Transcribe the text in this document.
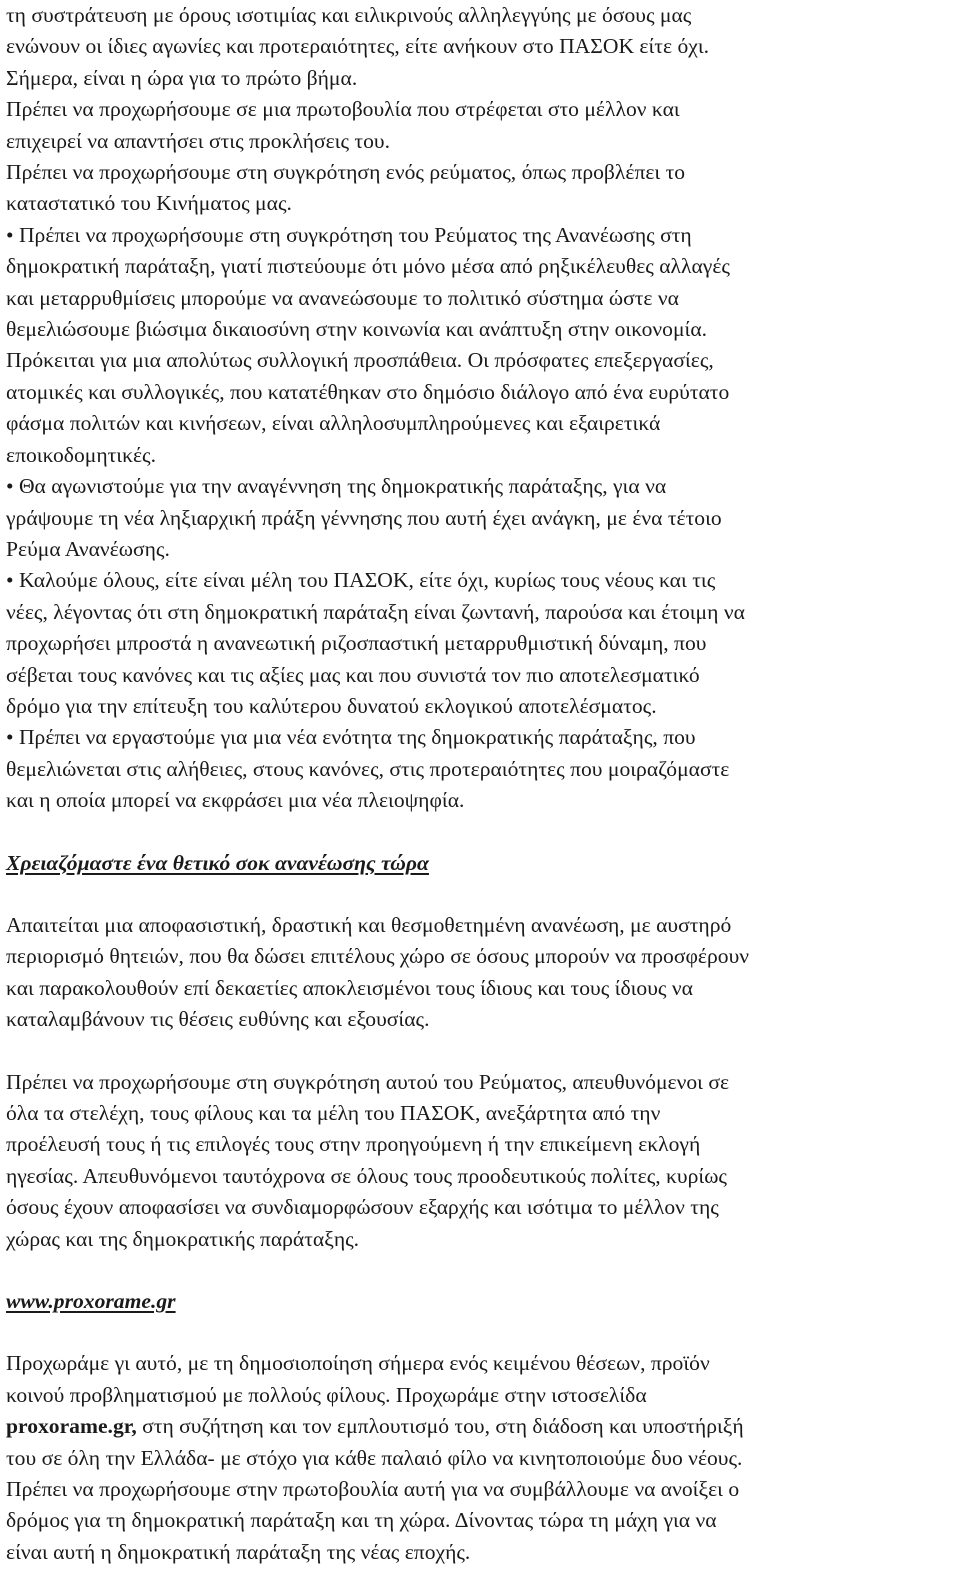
τη συστράτευση με όρους ισοτιμίας και ειλικρινούς αλληλεγγύης με όσους μας
ενώνουν οι ίδιες αγωνίες και προτεραιότητες, είτε ανήκουν στο ΠΑΣΟΚ είτε όχι.
Σήμερα, είναι η ώρα για το πρώτο βήμα.
Πρέπει να προχωρήσουμε σε μια πρωτοβουλία που στρέφεται στο μέλλον και
επιχειρεί να απαντήσει στις προκλήσεις του.
Πρέπει να προχωρήσουμε στη συγκρότηση ενός ρεύματος, όπως προβλέπει το
καταστατικό του Κινήματος μας.
• Πρέπει να προχωρήσουμε στη συγκρότηση του Ρεύματος της Ανανέωσης στη
δημοκρατική παράταξη, γιατί πιστεύουμε ότι μόνο μέσα από ρηξικέλευθες αλλαγές
και μεταρρυθμίσεις μπορούμε να ανανεώσουμε το πολιτικό σύστημα ώστε να
θεμελιώσουμε βιώσιμα δικαιοσύνη στην κοινωνία και ανάπτυξη στην οικονομία.
Πρόκειται για μια απολύτως συλλογική προσπάθεια. Οι πρόσφατες επεξεργασίες,
ατομικές και συλλογικές, που κατατέθηκαν στο δημόσιο διάλογο από ένα ευρύτατο
φάσμα πολιτών και κινήσεων, είναι αλληλοσυμπληρούμενες και εξαιρετικά
εποικοδομητικές.
• Θα αγωνιστούμε για την αναγέννηση της δημοκρατικής παράταξης, για να
γράψουμε τη νέα ληξιαρχική πράξη γέννησης που αυτή έχει ανάγκη, με ένα τέτοιο
Ρεύμα Ανανέωσης.
• Καλούμε όλους, είτε είναι μέλη του ΠΑΣΟΚ, είτε όχι, κυρίως τους νέους και τις
νέες, λέγοντας ότι στη δημοκρατική παράταξη είναι ζωντανή, παρούσα και έτοιμη να
προχωρήσει μπροστά η ανανεωτική ριζοσπαστική μεταρρυθμιστική δύναμη, που
σέβεται τους κανόνες και τις αξίες μας και που συνιστά τον πιο αποτελεσματικό
δρόμο για την επίτευξη του καλύτερου δυνατού εκλογικού αποτελέσματος.
• Πρέπει να εργαστούμε για μια νέα ενότητα της δημοκρατικής παράταξης, που
θεμελιώνεται στις αλήθειες, στους κανόνες, στις προτεραιότητες που μοιραζόμαστε
και η οποία μπορεί να εκφράσει μια νέα πλειοψηφία.
Χρειαζόμαστε ένα θετικό σοκ ανανέωσης τώρα
Απαιτείται μια αποφασιστική, δραστική και θεσμοθετημένη ανανέωση, με αυστηρό
περιορισμό θητειών, που θα δώσει επιτέλους χώρο σε όσους μπορούν να προσφέρουν
και παρακολουθούν επί δεκαετίες αποκλεισμένοι τους ίδιους και τους ίδιους να
καταλαμβάνουν τις θέσεις ευθύνης και εξουσίας.
Πρέπει να προχωρήσουμε στη συγκρότηση αυτού του Ρεύματος, απευθυνόμενοι σε
όλα τα στελέχη, τους φίλους και τα μέλη του ΠΑΣΟΚ, ανεξάρτητα από την
προέλευσή τους ή τις επιλογές τους στην προηγούμενη ή την επικείμενη εκλογή
ηγεσίας. Απευθυνόμενοι ταυτόχρονα σε όλους τους προοδευτικούς πολίτες, κυρίως
όσους έχουν αποφασίσει να συνδιαμορφώσουν εξαρχής και ισότιμα το μέλλον της
χώρας και της δημοκρατικής παράταξης.
www.proxorame.gr
Προχωράμε γι αυτό, με τη δημοσιοποίηση σήμερα ενός κειμένου θέσεων, προϊόν
κοινού προβληματισμού με πολλούς φίλους. Προχωράμε στην ιστοσελίδα
proxorame.gr, στη συζήτηση και τον εμπλουτισμό του, στη διάδοση και υποστήριξή
του σε όλη την Ελλάδα- με στόχο για κάθε παλαιό φίλο να κινητοποιούμε δυο νέους.
Πρέπει να προχωρήσουμε στην πρωτοβουλία αυτή για να συμβάλλουμε να ανοίξει ο
δρόμος για τη δημοκρατική παράταξη και τη χώρα. Δίνοντας τώρα τη μάχη για να
είναι αυτή η δημοκρατική παράταξη της νέας εποχής.
